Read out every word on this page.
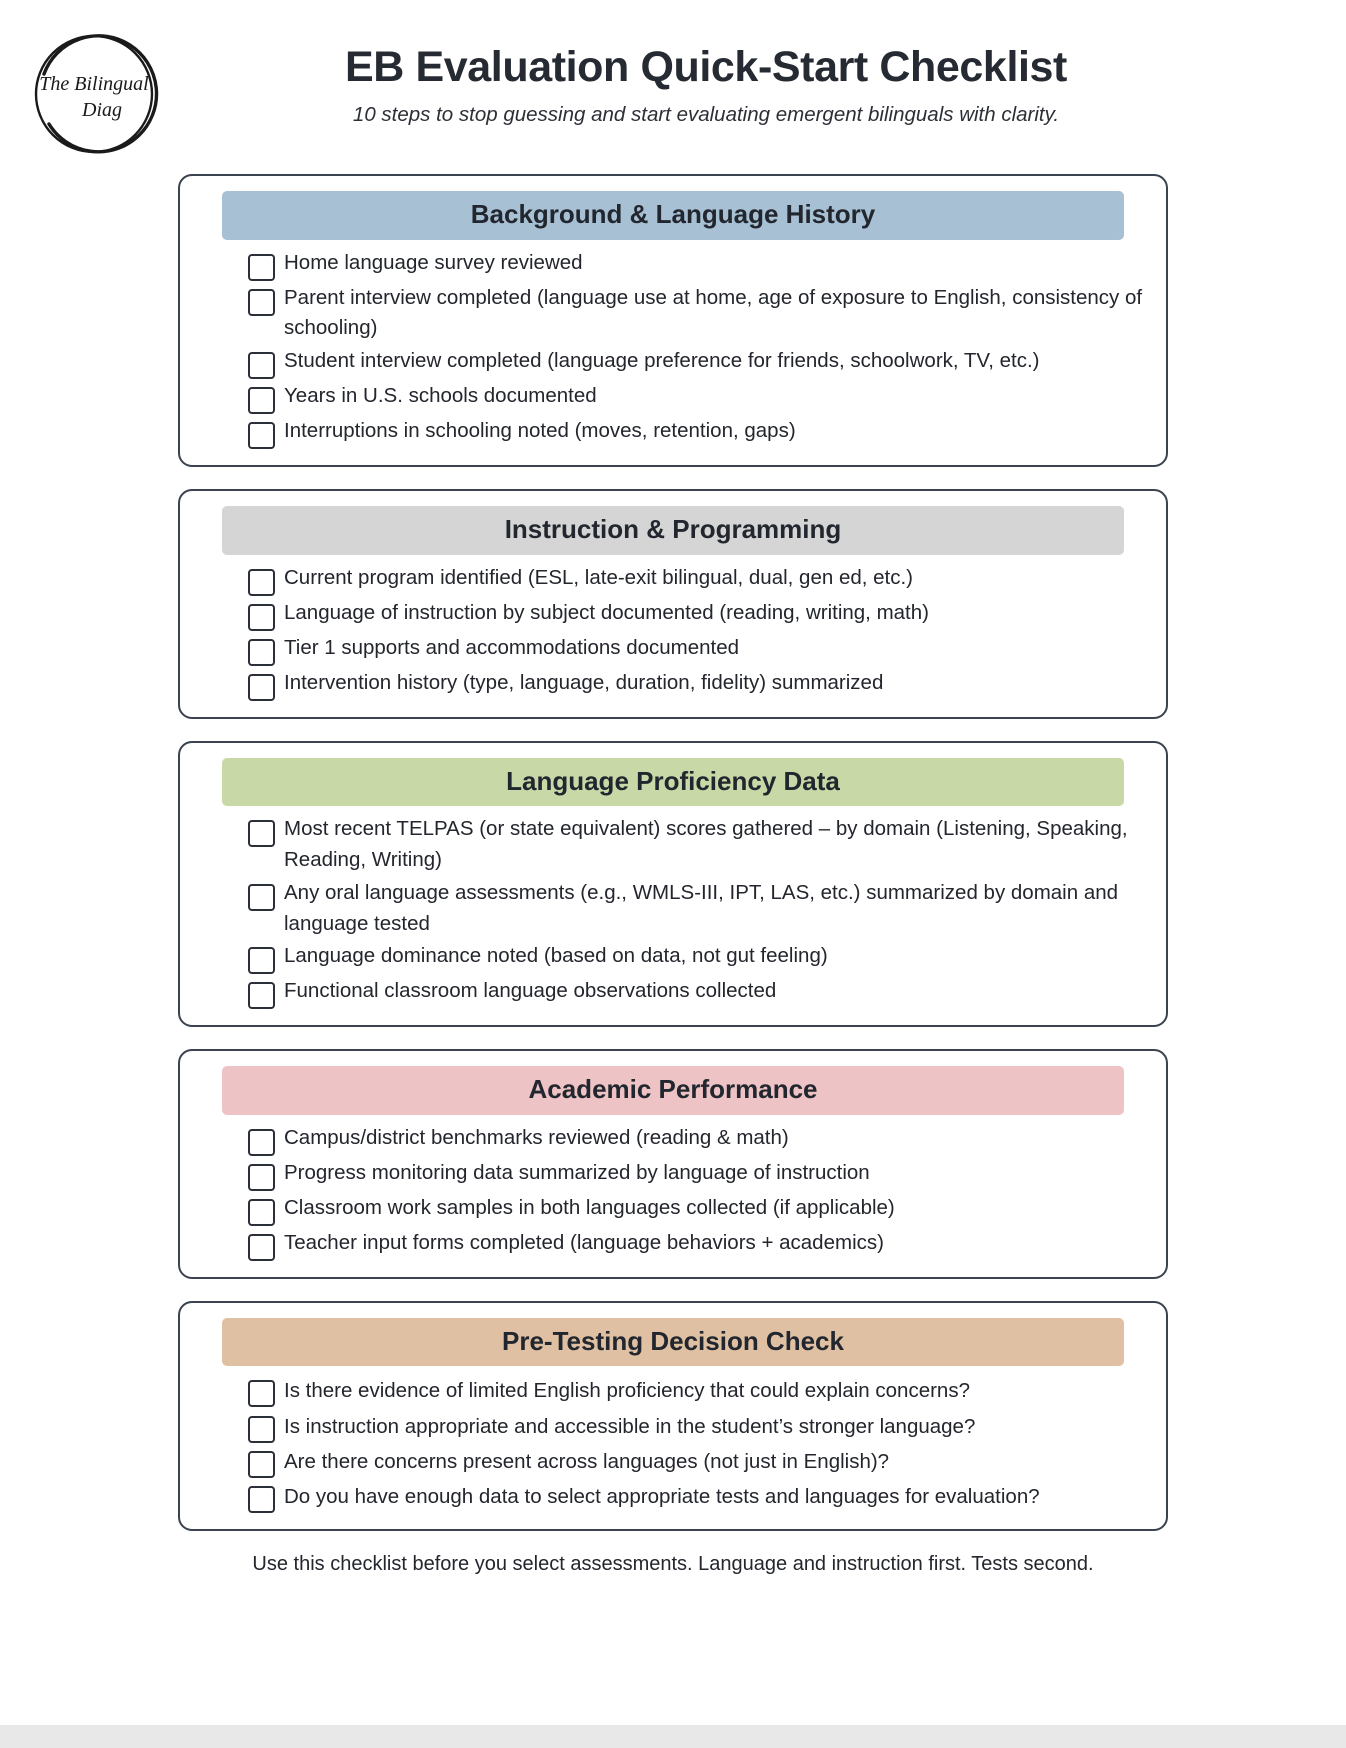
The Bilingual
Diag
EB Evaluation Quick-Start Checklist
10 steps to stop guessing and start evaluating emergent bilinguals with clarity.
Background & Language History
Home language survey reviewed
Parent interview completed (language use at home, age of exposure to English, consistency of schooling)
Student interview completed (language preference for friends, schoolwork, TV, etc.)
Years in U.S. schools documented
Interruptions in schooling noted (moves, retention, gaps)
Instruction & Programming
Current program identified (ESL, late-exit bilingual, dual, gen ed, etc.)
Language of instruction by subject documented (reading, writing, math)
Tier 1 supports and accommodations documented
Intervention history (type, language, duration, fidelity) summarized
Language Proficiency Data
Most recent TELPAS (or state equivalent) scores gathered – by domain (Listening, Speaking, Reading, Writing)
Any oral language assessments (e.g., WMLS-III, IPT, LAS, etc.) summarized by domain and language tested
Language dominance noted (based on data, not gut feeling)
Functional classroom language observations collected
Academic Performance
Campus/district benchmarks reviewed (reading & math)
Progress monitoring data summarized by language of instruction
Classroom work samples in both languages collected (if applicable)
Teacher input forms completed (language behaviors + academics)
Pre-Testing Decision Check
Is there evidence of limited English proficiency that could explain concerns?
Is instruction appropriate and accessible in the student’s stronger language?
Are there concerns present across languages (not just in English)?
Do you have enough data to select appropriate tests and languages for evaluation?
Use this checklist before you select assessments. Language and instruction first. Tests second.
